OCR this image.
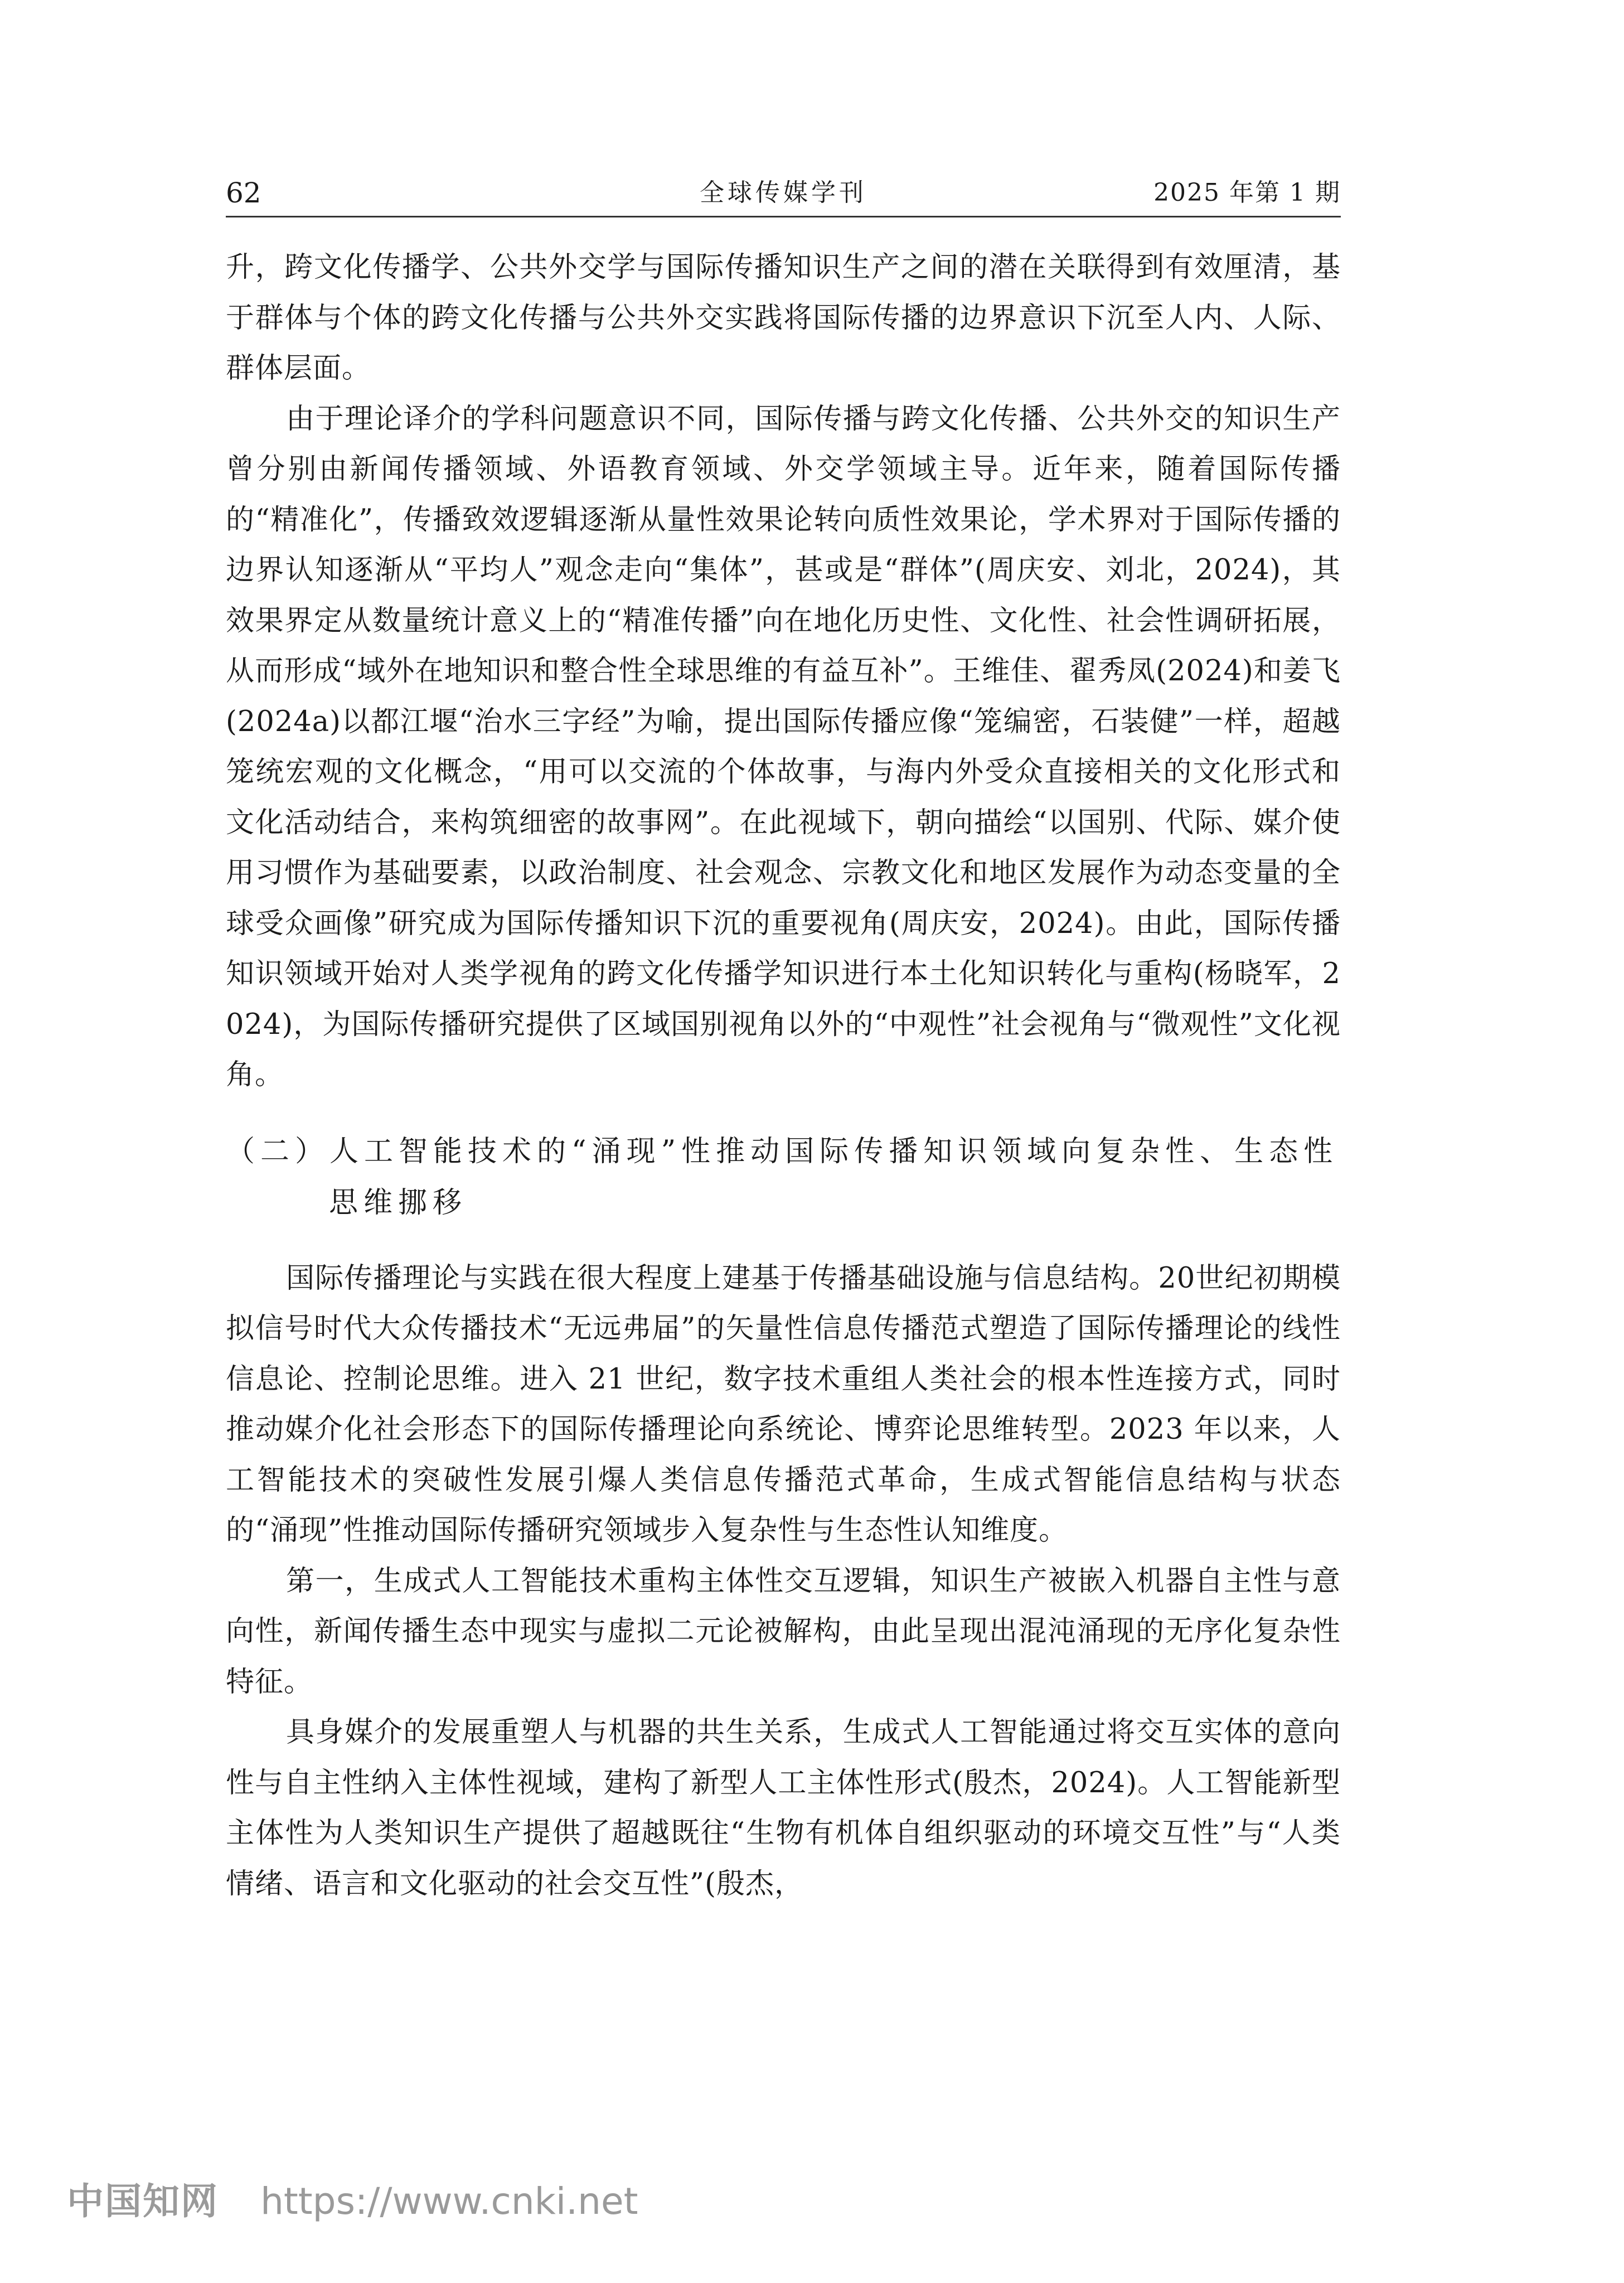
62	全球传媒学刊	2025 年第 1 期

升，跨文化传播学、公共外交学与国际传播知识生产之间的潜在关联得到有效厘清，基于群体与个体的跨文化传播与公共外交实践将国际传播的边界意识下沉至人内、人际、群体层面。

由于理论译介的学科问题意识不同，国际传播与跨文化传播、公共外交的知识生产曾分别由新闻传播领域、外语教育领域、外交学领域主导。近年来，随着国际传播的“精准化”，传播致效逻辑逐渐从量性效果论转向质性效果论，学术界对于国际传播的边界认知逐渐从“平均人”观念走向“集体”，甚或是“群体”(周庆安、刘北，2024)，其效果界定从数量统计意义上的“精准传播”向在地化历史性、文化性、社会性调研拓展，从而形成“域外在地知识和整合性全球思维的有益互补”。王维佳、翟秀凤(2024)和姜飞(2024a)以都江堰“治水三字经”为喻，提出国际传播应像“笼编密，石装健”一样，超越笼统宏观的文化概念，“用可以交流的个体故事，与海内外受众直接相关的文化形式和文化活动结合，来构筑细密的故事网”。在此视域下，朝向描绘“以国别、代际、媒介使用习惯作为基础要素，以政治制度、社会观念、宗教文化和地区发展作为动态变量的全球受众画像”研究成为国际传播知识下沉的重要视角(周庆安，2024)。由此，国际传播知识领域开始对人类学视角的跨文化传播学知识进行本土化知识转化与重构(杨晓军，2024)，为国际传播研究提供了区域国别视角以外的“中观性”社会视角与“微观性”文化视角。

（二）人工智能技术的“涌现”性推动国际传播知识领域向复杂性、生态性思维挪移

国际传播理论与实践在很大程度上建基于传播基础设施与信息结构。20世纪初期模拟信号时代大众传播技术“无远弗届”的矢量性信息传播范式塑造了国际传播理论的线性信息论、控制论思维。进入 21 世纪，数字技术重组人类社会的根本性连接方式，同时推动媒介化社会形态下的国际传播理论向系统论、博弈论思维转型。2023 年以来，人工智能技术的突破性发展引爆人类信息传播范式革命，生成式智能信息结构与状态的“涌现”性推动国际传播研究领域步入复杂性与生态性认知维度。

第一，生成式人工智能技术重构主体性交互逻辑，知识生产被嵌入机器自主性与意向性，新闻传播生态中现实与虚拟二元论被解构，由此呈现出混沌涌现的无序化复杂性特征。

具身媒介的发展重塑人与机器的共生关系，生成式人工智能通过将交互实体的意向性与自主性纳入主体性视域，建构了新型人工主体性形式(殷杰，2024)。人工智能新型主体性为人类知识生产提供了超越既往“生物有机体自组织驱动的环境交互性”与“人类情绪、语言和文化驱动的社会交互性”(殷杰，

中国知网 https://www.cnki.net
